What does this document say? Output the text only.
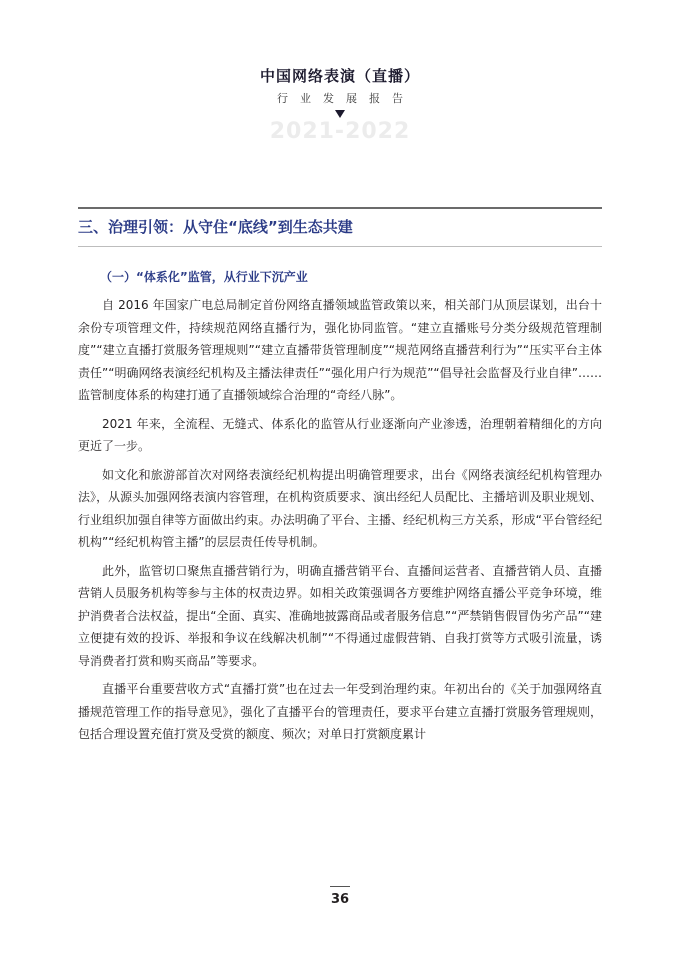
中国网络表演（直播）
行业发展报告
2021-2022
三、治理引领：从守住“底线”到生态共建
（一）“体系化”监管，从行业下沉产业

自 2016 年国家广电总局制定首份网络直播领域监管政策以来，相关部门从顶层谋划，出台十余份专项管理文件，持续规范网络直播行为，强化协同监管。“建立直播账号分类分级规范管理制度”“建立直播打赏服务管理规则”“建立直播带货管理制度”“规范网络直播营利行为”“压实平台主体责任”“明确网络表演经纪机构及主播法律责任”“强化用户行为规范”“倡导社会监督及行业自律”……监管制度体系的构建打通了直播领域综合治理的“奇经八脉”。

2021 年来，全流程、无缝式、体系化的监管从行业逐渐向产业渗透，治理朝着精细化的方向更近了一步。

如文化和旅游部首次对网络表演经纪机构提出明确管理要求，出台《网络表演经纪机构管理办法》，从源头加强网络表演内容管理，在机构资质要求、演出经纪人员配比、主播培训及职业规划、行业组织加强自律等方面做出约束。办法明确了平台、主播、经纪机构三方关系，形成“平台管经纪机构”“经纪机构管主播”的层层责任传导机制。

此外，监管切口聚焦直播营销行为，明确直播营销平台、直播间运营者、直播营销人员、直播营销人员服务机构等参与主体的权责边界。如相关政策强调各方要维护网络直播公平竞争环境，维护消费者合法权益，提出“全面、真实、准确地披露商品或者服务信息”“严禁销售假冒伪劣产品”“建立便捷有效的投诉、举报和争议在线解决机制”“不得通过虚假营销、自我打赏等方式吸引流量，诱导消费者打赏和购买商品”等要求。

直播平台重要营收方式“直播打赏”也在过去一年受到治理约束。年初出台的《关于加强网络直播规范管理工作的指导意见》，强化了直播平台的管理责任，要求平台建立直播打赏服务管理规则，包括合理设置充值打赏及受赏的额度、频次；对单日打赏额度累计

36
